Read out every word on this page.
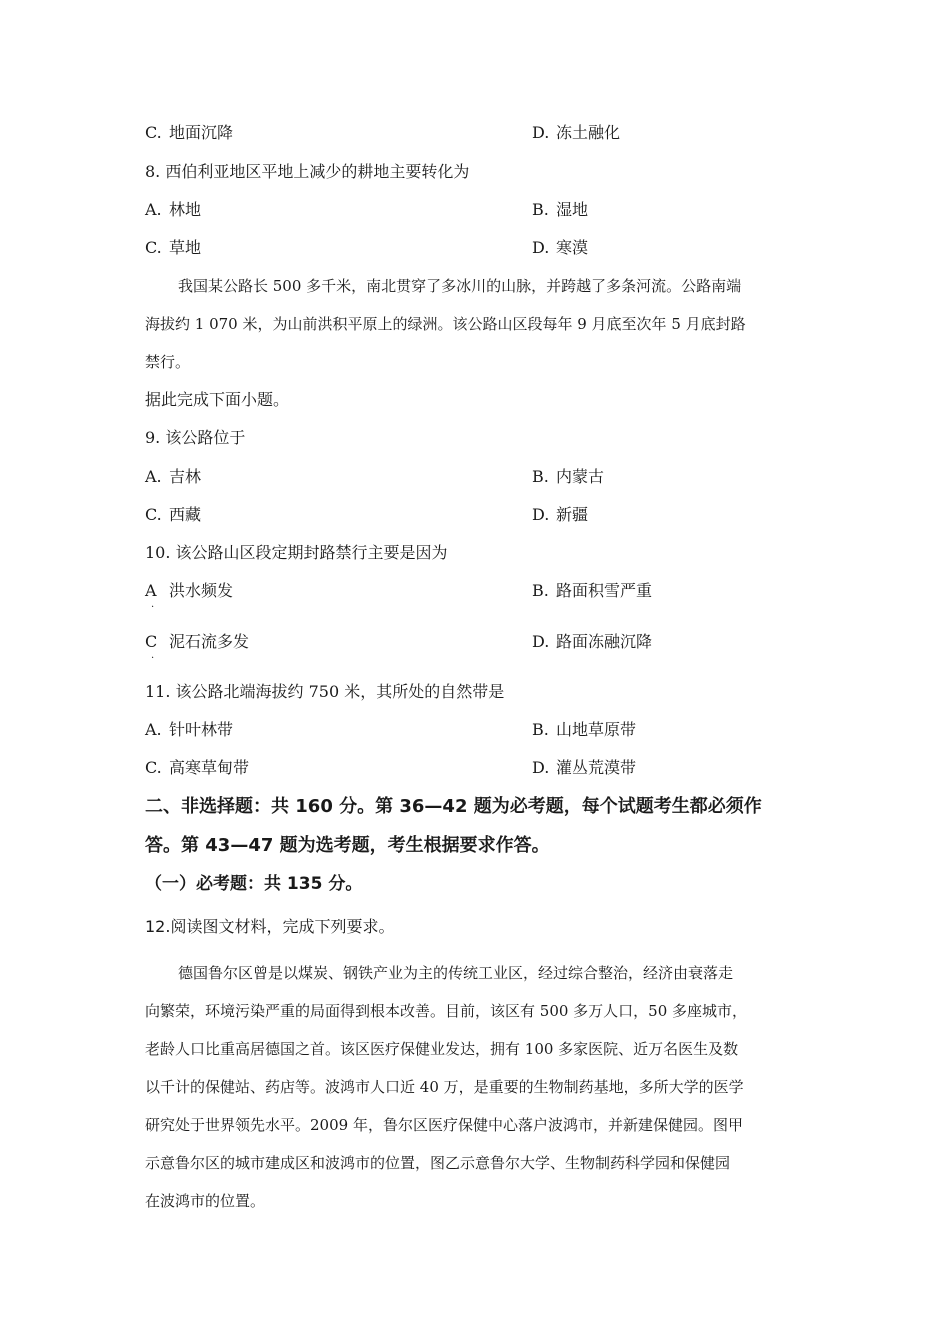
C. 地面沉降	D. 冻土融化
8. 西伯利亚地区平地上减少的耕地主要转化为
A. 林地	B. 湿地
C. 草地	D. 寒漠
我国某公路长 500 多千米，南北贯穿了多冰川的山脉，并跨越了多条河流。公路南端
海拔约 1 070 米，为山前洪积平原上的绿洲。该公路山区段每年 9 月底至次年 5 月底封路
禁行。
据此完成下面小题。
9. 该公路位于
A. 吉林	B. 内蒙古
C. 西藏	D. 新疆
10. 该公路山区段定期封路禁行主要是因为
A 洪水频发
.
B. 路面积雪严重
C 泥石流多发
.
D. 路面冻融沉降
11. 该公路北端海拔约 750 米，其所处的自然带是
A. 针叶林带	B. 山地草原带
C. 高寒草甸带	D. 灌丛荒漠带
二、非选择题：共 160 分。第 36—42 题为必考题，每个试题考生都必须作
答。第 43—47 题为选考题，考生根据要求作答。
（一）必考题：共 135 分。
12.阅读图文材料，完成下列要求。
德国鲁尔区曾是以煤炭、钢铁产业为主的传统工业区，经过综合整治，经济由衰落走
向繁荣，环境污染严重的局面得到根本改善。目前，该区有 500 多万人口，50 多座城市，
老龄人口比重高居德国之首。该区医疗保健业发达，拥有 100 多家医院、近万名医生及数
以千计的保健站、药店等。波鸿市人口近 40 万，是重要的生物制药基地，多所大学的医学
研究处于世界领先水平。2009 年，鲁尔区医疗保健中心落户波鸿市，并新建保健园。图甲
示意鲁尔区的城市建成区和波鸿市的位置，图乙示意鲁尔大学、生物制药科学园和保健园
在波鸿市的位置。
